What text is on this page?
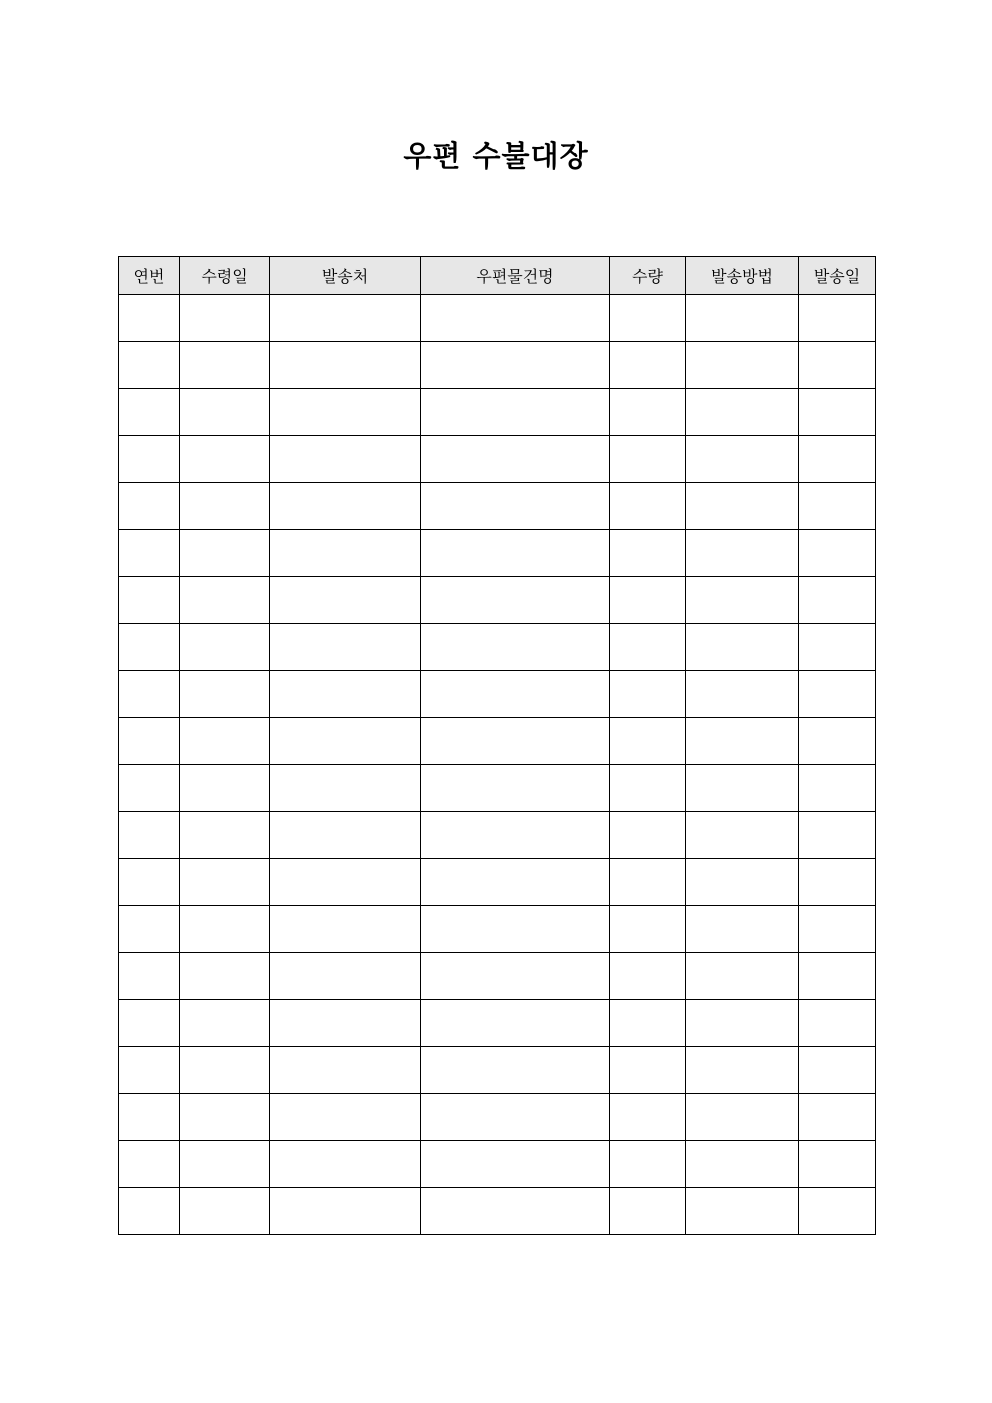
우편 수불대장
연번	수령일	발송처	우편물건명	수량	발송방법	발송일
